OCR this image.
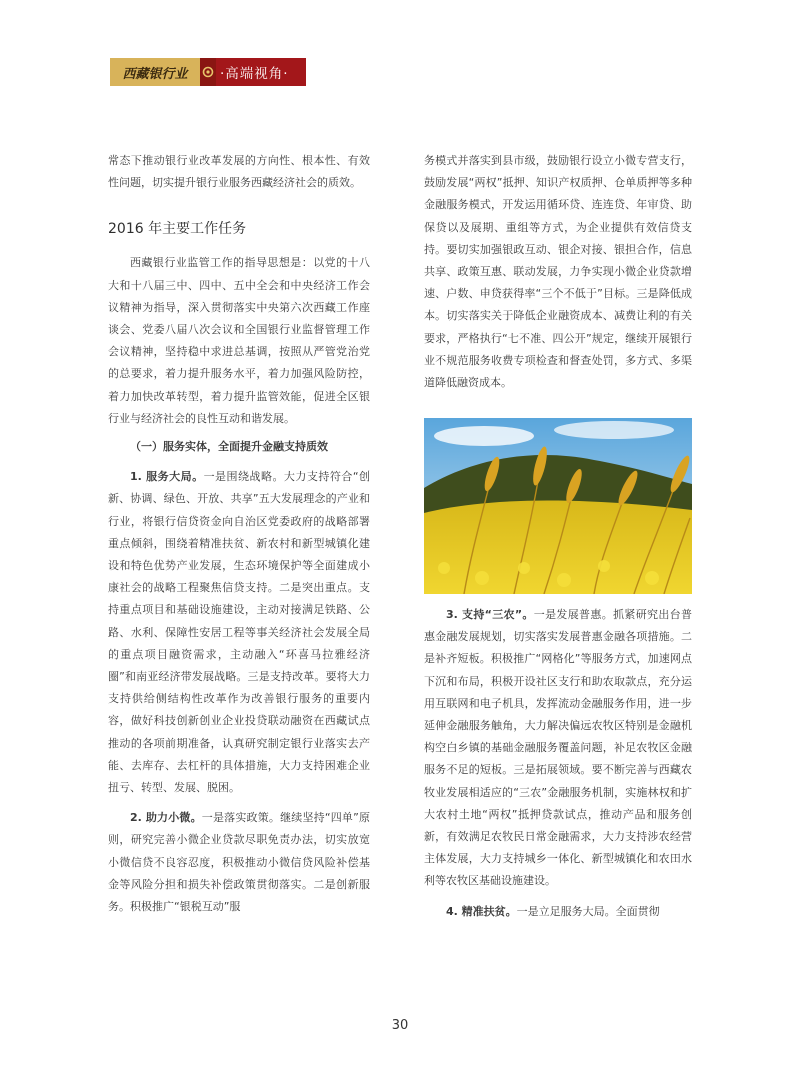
西藏银行业	·高端视角·

常态下推动银行业改革发展的方向性、根本性、有效性问题，切实提升银行业服务西藏经济社会的质效。

2016 年主要工作任务

西藏银行业监管工作的指导思想是：以党的十八大和十八届三中、四中、五中全会和中央经济工作会议精神为指导，深入贯彻落实中央第六次西藏工作座谈会、党委八届八次会议和全国银行业监督管理工作会议精神，坚持稳中求进总基调，按照从严管党治党的总要求，着力提升服务水平，着力加强风险防控，着力加快改革转型，着力提升监管效能，促进全区银行业与经济社会的良性互动和谐发展。

（一）服务实体，全面提升金融支持质效

1. 服务大局。一是围绕战略。大力支持符合“创新、协调、绿色、开放、共享”五大发展理念的产业和行业，将银行信贷资金向自治区党委政府的战略部署重点倾斜，围绕着精准扶贫、新农村和新型城镇化建设和特色优势产业发展，生态环境保护等全面建成小康社会的战略工程聚焦信贷支持。二是突出重点。支持重点项目和基础设施建设，主动对接满足铁路、公路、水利、保障性安居工程等事关经济社会发展全局的重点项目融资需求，主动融入“环喜马拉雅经济圈”和南亚经济带发展战略。三是支持改革。要将大力支持供给侧结构性改革作为改善银行服务的重要内容，做好科技创新创业企业投贷联动融资在西藏试点推动的各项前期准备，认真研究制定银行业落实去产能、去库存、去杠杆的具体措施，大力支持困难企业扭亏、转型、发展、脱困。

2. 助力小微。一是落实政策。继续坚持“四单”原则，研究完善小微企业贷款尽职免责办法，切实放宽小微信贷不良容忍度，积极推动小微信贷风险补偿基金等风险分担和损失补偿政策贯彻落实。二是创新服务。积极推广“银税互动”服

务模式并落实到县市级，鼓励银行设立小微专营支行，鼓励发展“两权”抵押、知识产权质押、仓单质押等多种金融服务模式，开发运用循环贷、连连贷、年审贷、助保贷以及展期、重组等方式，为企业提供有效信贷支持。要切实加强银政互动、银企对接、银担合作，信息共享、政策互惠、联动发展，力争实现小微企业贷款增速、户数、申贷获得率“三个不低于”目标。三是降低成本。切实落实关于降低企业融资成本、减费让利的有关要求，严格执行“七不准、四公开”规定，继续开展银行业不规范服务收费专项检查和督查处罚，多方式、多渠道降低融资成本。

3. 支持“三农”。一是发展普惠。抓紧研究出台普惠金融发展规划，切实落实发展普惠金融各项措施。二是补齐短板。积极推广“网格化”等服务方式，加速网点下沉和布局，积极开设社区支行和助农取款点，充分运用互联网和电子机具，发挥流动金融服务作用，进一步延伸金融服务触角，大力解决偏远农牧区特别是金融机构空白乡镇的基础金融服务覆盖问题，补足农牧区金融服务不足的短板。三是拓展领域。要不断完善与西藏农牧业发展相适应的“三农”金融服务机制，实施林权和扩大农村土地“两权”抵押贷款试点，推动产品和服务创新，有效满足农牧民日常金融需求，大力支持涉农经营主体发展，大力支持城乡一体化、新型城镇化和农田水利等农牧区基础设施建设。

4. 精准扶贫。一是立足服务大局。全面贯彻

30
